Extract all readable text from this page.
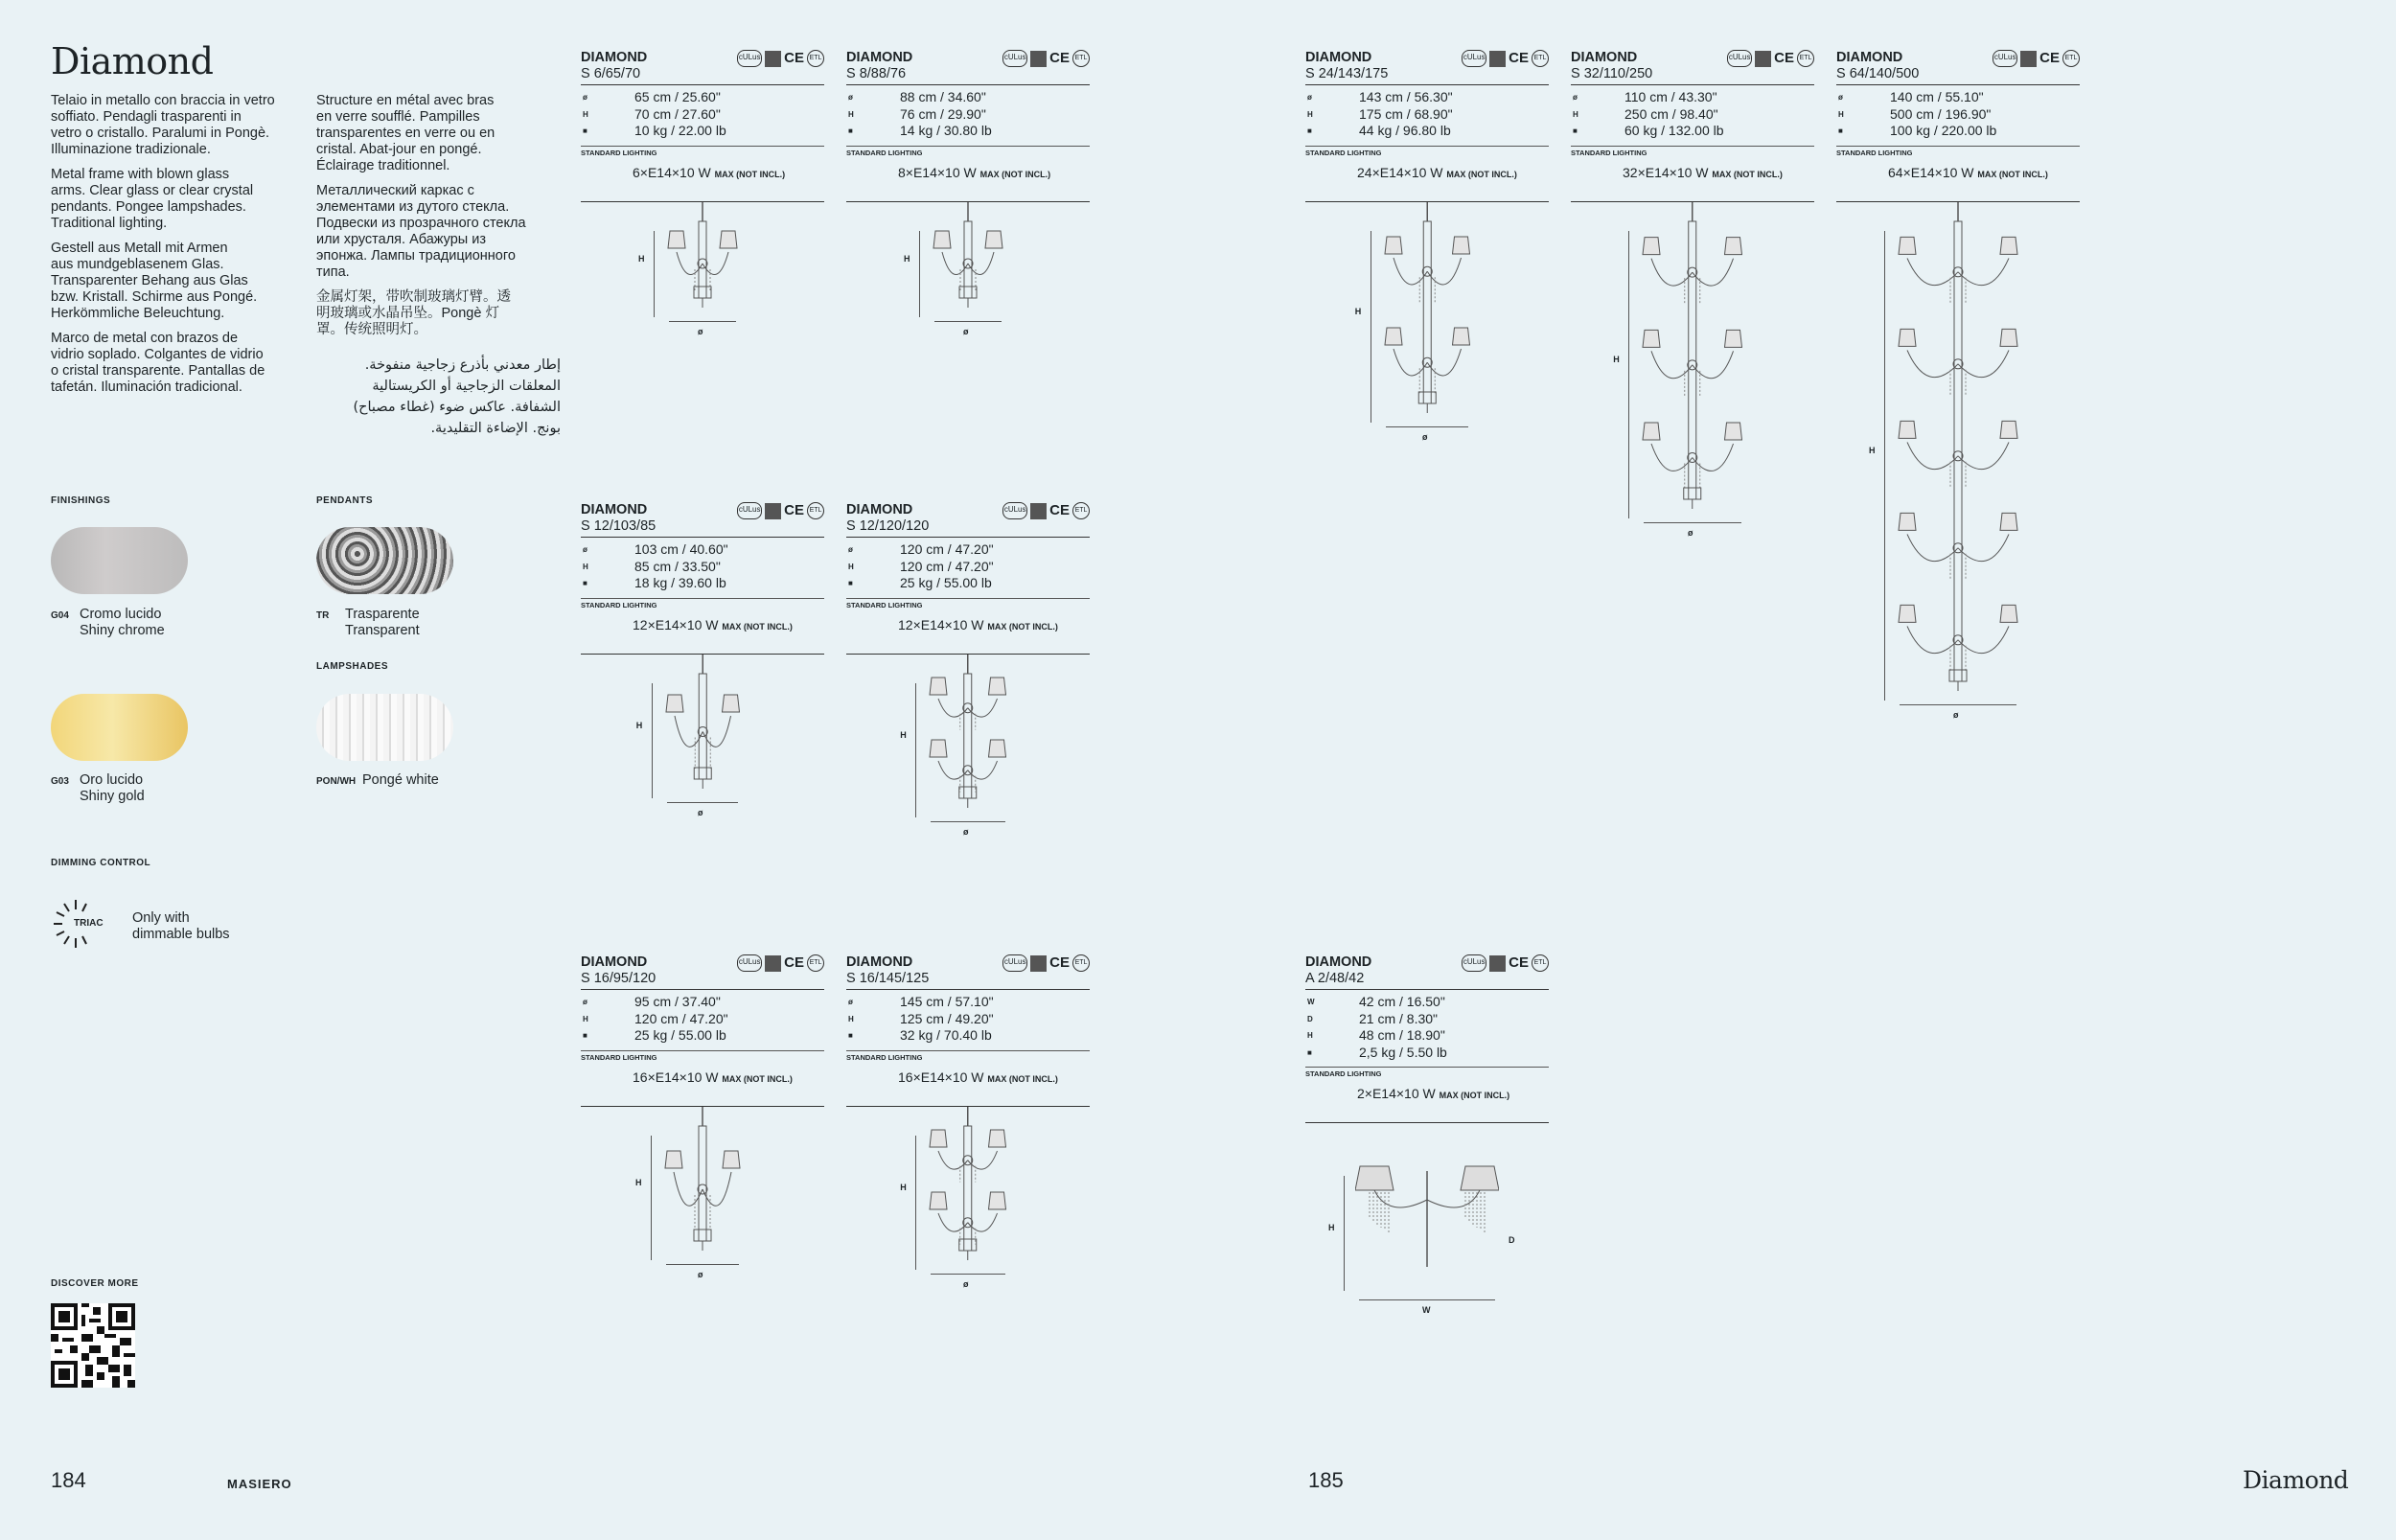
Diamond

Telaio in metallo con braccia in vetro
soffiato. Pendagli trasparenti in
vetro o cristallo. Paralumi in Pongè.
Illuminazione tradizionale.

Metal frame with blown glass
arms. Clear glass or clear crystal
pendants. Pongee lampshades.
Traditional lighting.

Gestell aus Metall mit Armen
aus mundgeblasenem Glas.
Transparenter Behang aus Glas
bzw. Kristall. Schirme aus Pongé.
Herkömmliche Beleuchtung.

Marco de metal con brazos de
vidrio soplado. Colgantes de vidrio
o cristal transparente. Pantallas de
tafetán. Iluminación tradicional.

Structure en métal avec bras
en verre soufflé. Pampilles
transparentes en verre ou en
cristal. Abat-jour en pongé.
Éclairage traditionnel.

Металлический каркас с
элементами из дутого стекла.
Подвески из прозрачного стекла
или хрусталя. Абажуры из
эпонжа. Лампы традиционного
типа.

金属灯架，带吹制玻璃灯臂。透
明玻璃或水晶吊坠。Pongè 灯
罩。传统照明灯。

إطار معدني بأذرع زجاجية منفوخة.
المعلقات الزجاجية أو الكريستالية
الشفافة. عاكس ضوء (غطاء مصباح)
بونج. الإضاءة التقليدية.
FINISHINGS
G04 Cromo lucido
Shiny chrome
G03 Oro lucido
Shiny gold
PENDANTS
TR Trasparente
Transparent
LAMPSHADES
PON/WH Pongé white
DIMMING CONTROL
TRIAC Only with
dimmable bulbs
DISCOVER MORE
184	MASIERO
DIAMOND
S 6/65/70
cULus CE ETL
ø	65 cm / 25.60"
H	70 cm / 27.60"
■	10 kg / 22.00 lb
STANDARD LIGHTING
6×E14×10 W MAX (NOT INCL.)
H
ø
DIAMOND
S 8/88/76
cULus CE ETL
ø	88 cm / 34.60"
H	76 cm / 29.90"
■	14 kg / 30.80 lb
STANDARD LIGHTING
8×E14×10 W MAX (NOT INCL.)
H
ø
DIAMOND
S 24/143/175
cULus CE ETL
ø	143 cm / 56.30"
H	175 cm / 68.90"
■	44 kg / 96.80 lb
STANDARD LIGHTING
24×E14×10 W MAX (NOT INCL.)
H
ø
DIAMOND
S 32/110/250
cULus CE ETL
ø	110 cm / 43.30"
H	250 cm / 98.40"
■	60 kg / 132.00 lb
STANDARD LIGHTING
32×E14×10 W MAX (NOT INCL.)
H
ø
DIAMOND
S 64/140/500
cULus CE ETL
ø	140 cm / 55.10"
H	500 cm / 196.90"
■	100 kg / 220.00 lb
STANDARD LIGHTING
64×E14×10 W MAX (NOT INCL.)
H
ø
DIAMOND
S 12/103/85
cULus CE ETL
ø	103 cm / 40.60"
H	85 cm / 33.50"
■	18 kg / 39.60 lb
STANDARD LIGHTING
12×E14×10 W MAX (NOT INCL.)
H
ø
DIAMOND
S 12/120/120
cULus CE ETL
ø	120 cm / 47.20"
H	120 cm / 47.20"
■	25 kg / 55.00 lb
STANDARD LIGHTING
12×E14×10 W MAX (NOT INCL.)
H
ø
DIAMOND
S 16/95/120
cULus CE ETL
ø	95 cm / 37.40"
H	120 cm / 47.20"
■	25 kg / 55.00 lb
STANDARD LIGHTING
16×E14×10 W MAX (NOT INCL.)
H
ø
DIAMOND
S 16/145/125
cULus CE ETL
ø	145 cm / 57.10"
H	125 cm / 49.20"
■	32 kg / 70.40 lb
STANDARD LIGHTING
16×E14×10 W MAX (NOT INCL.)
H
ø
DIAMOND
A 2/48/42
cULus CE ETL
W	42 cm / 16.50"
D	21 cm / 8.30"
H	48 cm / 18.90"
■	2,5 kg / 5.50 lb
STANDARD LIGHTING
2×E14×10 W MAX (NOT INCL.)
H
W
D
185	Diamond
